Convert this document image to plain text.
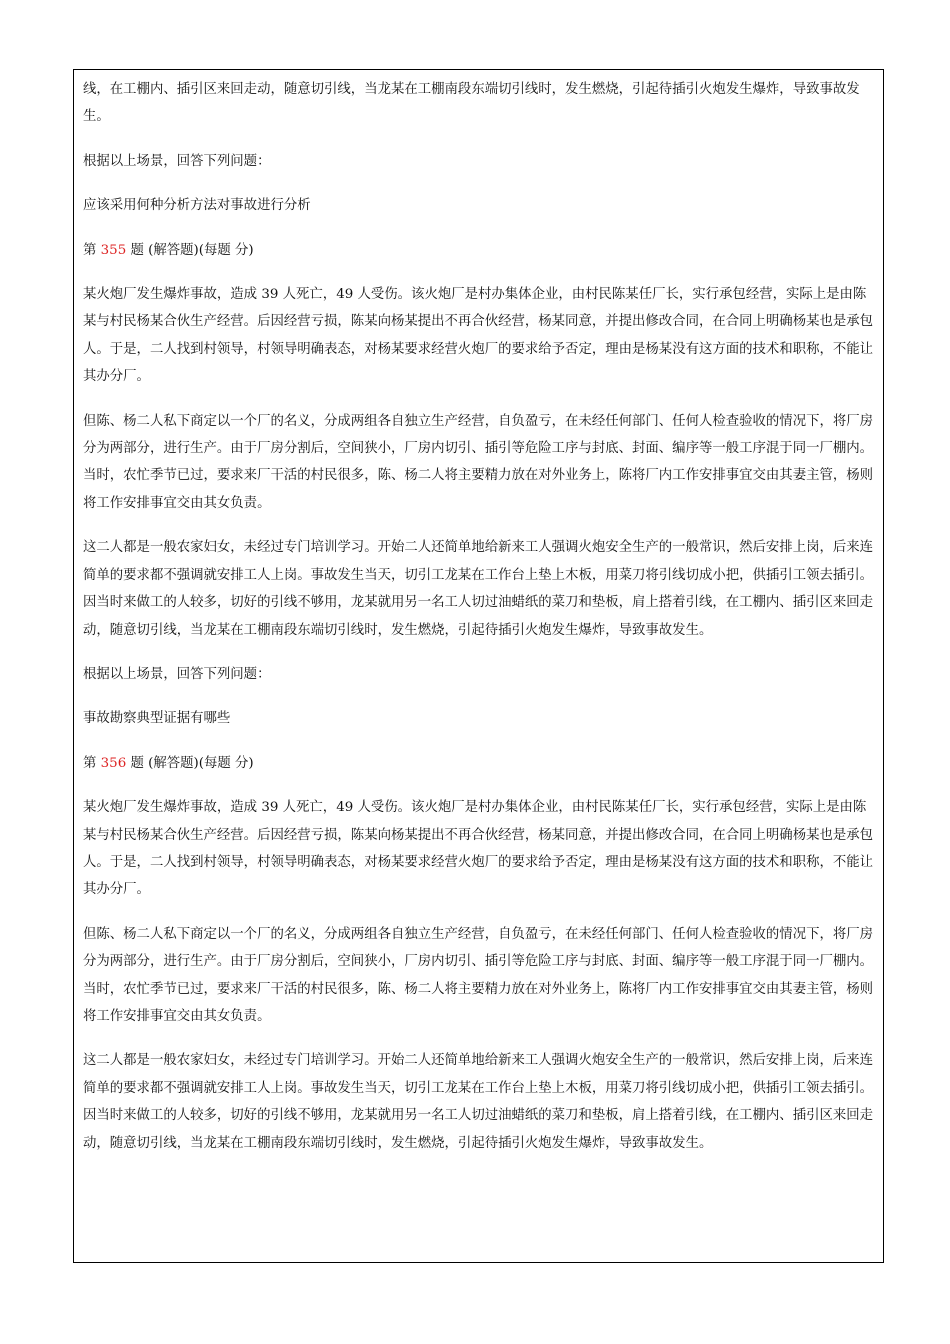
线，在工棚内、插引区来回走动，随意切引线，当龙某在工棚南段东端切引线时，发生燃烧，引起待插引火炮发生爆炸，导致事故发生。

根据以上场景，回答下列问题：

应该采用何种分析方法对事故进行分析

第 355 题 (解答题)(每题 分)

某火炮厂发生爆炸事故，造成 39 人死亡，49 人受伤。该火炮厂是村办集体企业，由村民陈某任厂长，实行承包经营，实际上是由陈某与村民杨某合伙生产经营。后因经营亏损，陈某向杨某提出不再合伙经营，杨某同意，并提出修改合同，在合同上明确杨某也是承包人。于是，二人找到村领导，村领导明确表态，对杨某要求经营火炮厂的要求给予否定，理由是杨某没有这方面的技术和职称，不能让其办分厂。

但陈、杨二人私下商定以一个厂的名义，分成两组各自独立生产经营，自负盈亏，在未经任何部门、任何人检查验收的情况下，将厂房分为两部分，进行生产。由于厂房分割后，空间狭小，厂房内切引、插引等危险工序与封底、封面、编序等一般工序混于同一厂棚内。当时，农忙季节已过，要求来厂干活的村民很多，陈、杨二人将主要精力放在对外业务上，陈将厂内工作安排事宜交由其妻主管，杨则将工作安排事宜交由其女负责。

这二人都是一般农家妇女，未经过专门培训学习。开始二人还简单地给新来工人强调火炮安全生产的一般常识，然后安排上岗，后来连简单的要求都不强调就安排工人上岗。事故发生当天，切引工龙某在工作台上垫上木板，用菜刀将引线切成小把，供插引工领去插引。因当时来做工的人较多，切好的引线不够用，龙某就用另一名工人切过油蜡纸的菜刀和垫板，肩上搭着引线，在工棚内、插引区来回走动，随意切引线，当龙某在工棚南段东端切引线时，发生燃烧，引起待插引火炮发生爆炸，导致事故发生。

根据以上场景，回答下列问题：

事故勘察典型证据有哪些

第 356 题 (解答题)(每题 分)

某火炮厂发生爆炸事故，造成 39 人死亡，49 人受伤。该火炮厂是村办集体企业，由村民陈某任厂长，实行承包经营，实际上是由陈某与村民杨某合伙生产经营。后因经营亏损，陈某向杨某提出不再合伙经营，杨某同意，并提出修改合同，在合同上明确杨某也是承包人。于是，二人找到村领导，村领导明确表态，对杨某要求经营火炮厂的要求给予否定，理由是杨某没有这方面的技术和职称，不能让其办分厂。

但陈、杨二人私下商定以一个厂的名义，分成两组各自独立生产经营，自负盈亏，在未经任何部门、任何人检查验收的情况下，将厂房分为两部分，进行生产。由于厂房分割后，空间狭小，厂房内切引、插引等危险工序与封底、封面、编序等一般工序混于同一厂棚内。当时，农忙季节已过，要求来厂干活的村民很多，陈、杨二人将主要精力放在对外业务上，陈将厂内工作安排事宜交由其妻主管，杨则将工作安排事宜交由其女负责。

这二人都是一般农家妇女，未经过专门培训学习。开始二人还简单地给新来工人强调火炮安全生产的一般常识，然后安排上岗，后来连简单的要求都不强调就安排工人上岗。事故发生当天，切引工龙某在工作台上垫上木板，用菜刀将引线切成小把，供插引工领去插引。因当时来做工的人较多，切好的引线不够用，龙某就用另一名工人切过油蜡纸的菜刀和垫板，肩上搭着引线，在工棚内、插引区来回走动，随意切引线，当龙某在工棚南段东端切引线时，发生燃烧，引起待插引火炮发生爆炸，导致事故发生。
